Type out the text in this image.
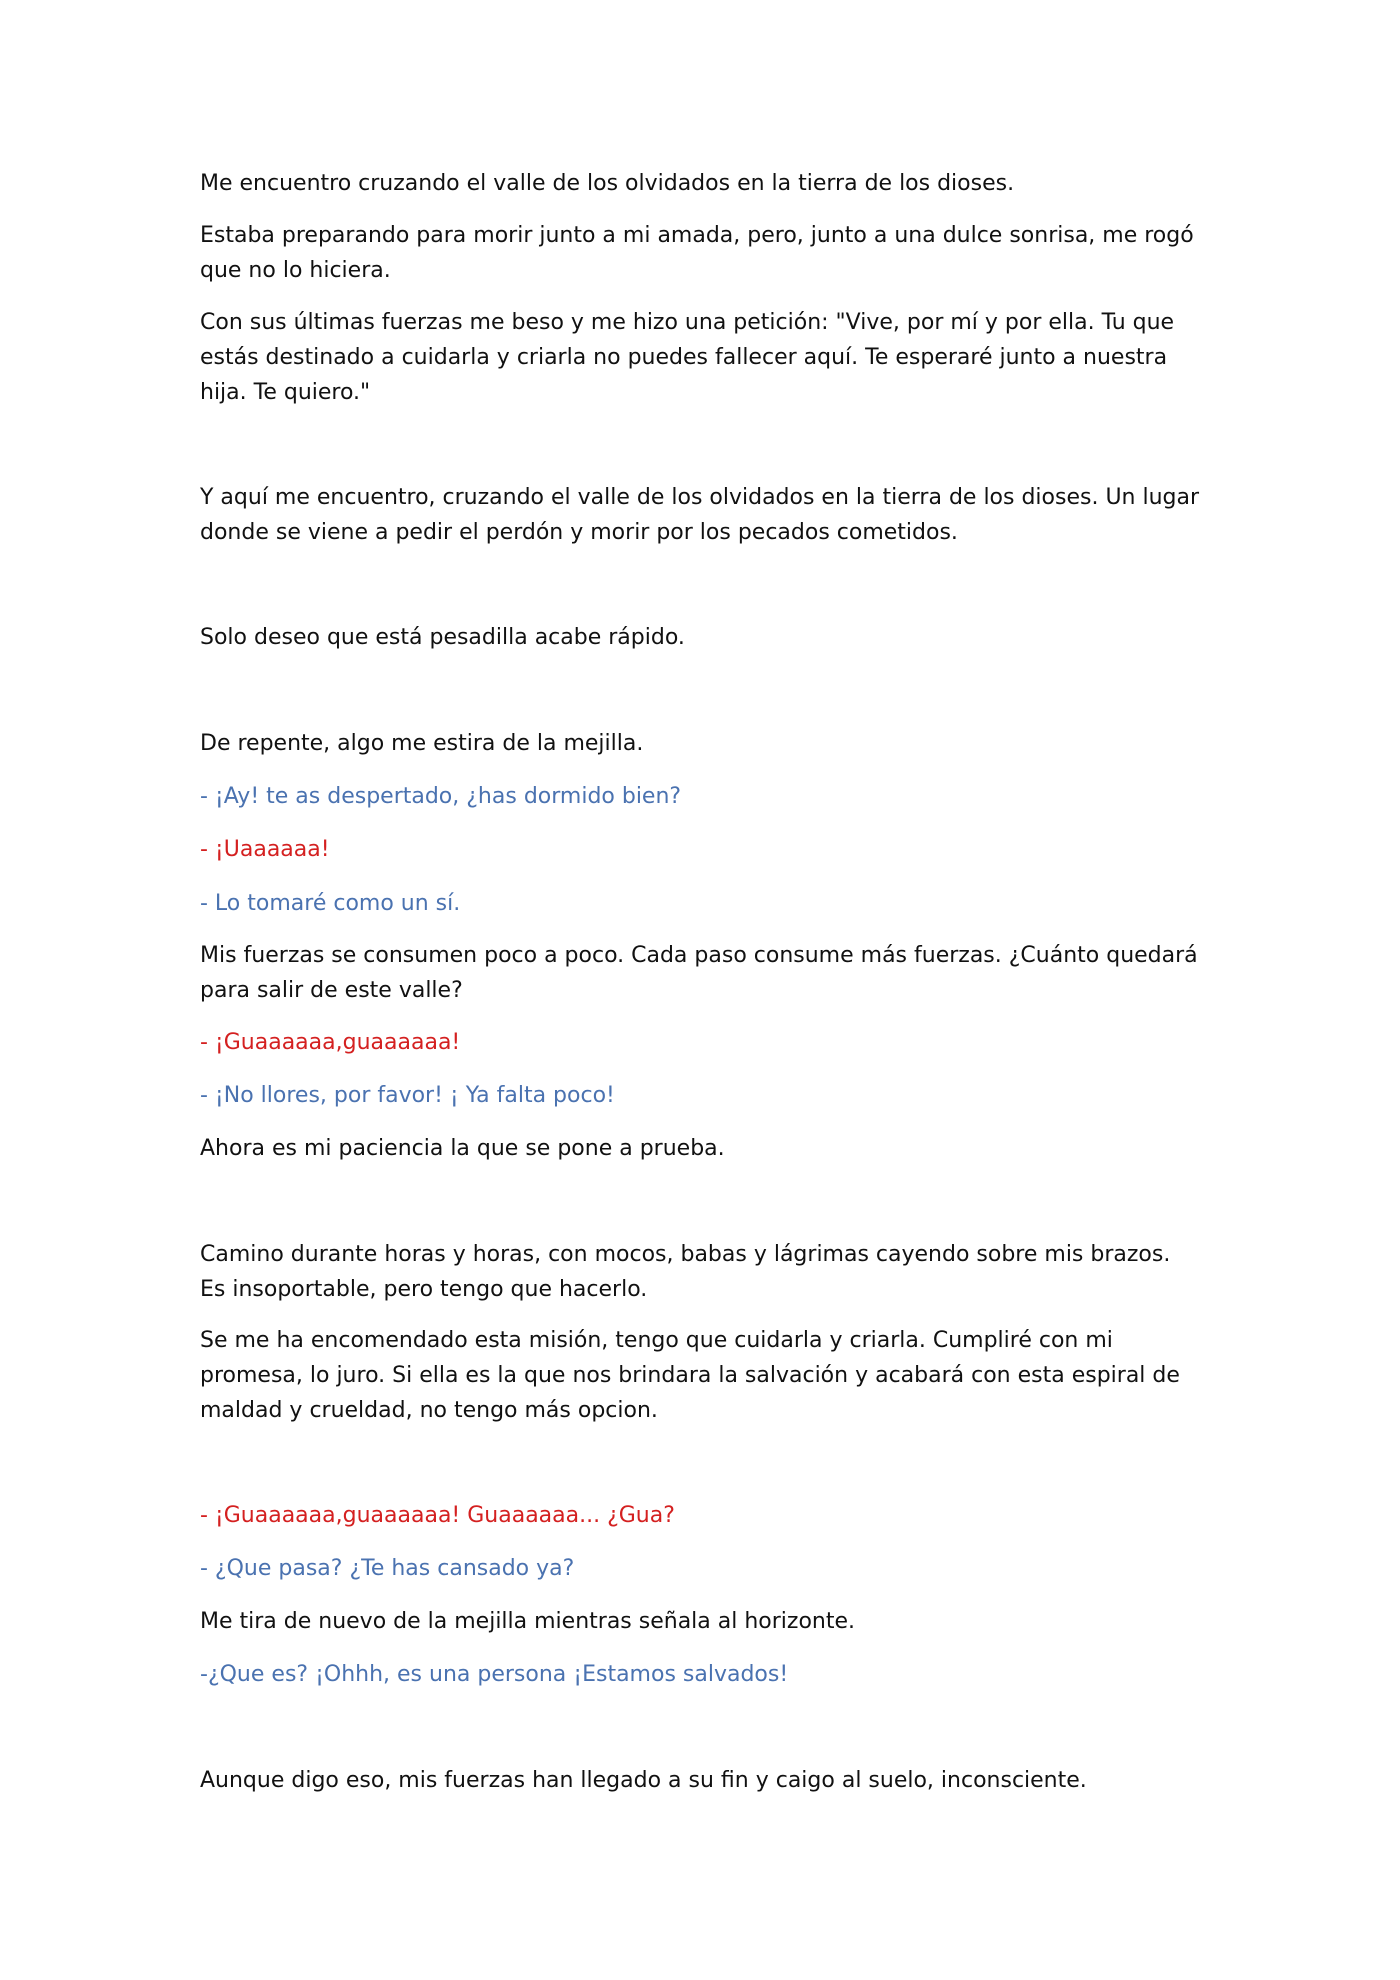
Me encuentro cruzando el valle de los olvidados en la tierra de los dioses.

Estaba preparando para morir junto a mi amada, pero, junto a una dulce sonrisa, me rogó que no lo hiciera.

Con sus últimas fuerzas me beso y me hizo una petición: "Vive, por mí y por ella. Tu que estás destinado a cuidarla y criarla no puedes fallecer aquí. Te esperaré junto a nuestra hija. Te quiero."

Y aquí me encuentro, cruzando el valle de los olvidados en la tierra de los dioses. Un lugar donde se viene a pedir el perdón y morir por los pecados cometidos.

Solo deseo que está pesadilla acabe rápido.

De repente, algo me estira de la mejilla.

- ¡Ay! te as despertado, ¿has dormido bien?

- ¡Uaaaaaa!

- Lo tomaré como un sí.

Mis fuerzas se consumen poco a poco. Cada paso consume más fuerzas. ¿Cuánto quedará para salir de este valle?

- ¡Guaaaaaa,guaaaaaa!

- ¡No llores, por favor! ¡ Ya falta poco!

Ahora es mi paciencia la que se pone a prueba.

Camino durante horas y horas, con mocos, babas y lágrimas cayendo sobre mis brazos. Es insoportable, pero tengo que hacerlo.

Se me ha encomendado esta misión, tengo que cuidarla y criarla. Cumpliré con mi promesa, lo juro. Si ella es la que nos brindara la salvación y acabará con esta espiral de maldad y crueldad, no tengo más opcion.

- ¡Guaaaaaa,guaaaaaa! Guaaaaaa... ¿Gua?

- ¿Que pasa? ¿Te has cansado ya?

Me tira de nuevo de la mejilla mientras señala al horizonte.

-¿Que es? ¡Ohhh, es una persona ¡Estamos salvados!

Aunque digo eso, mis fuerzas han llegado a su fin y caigo al suelo, inconsciente.
